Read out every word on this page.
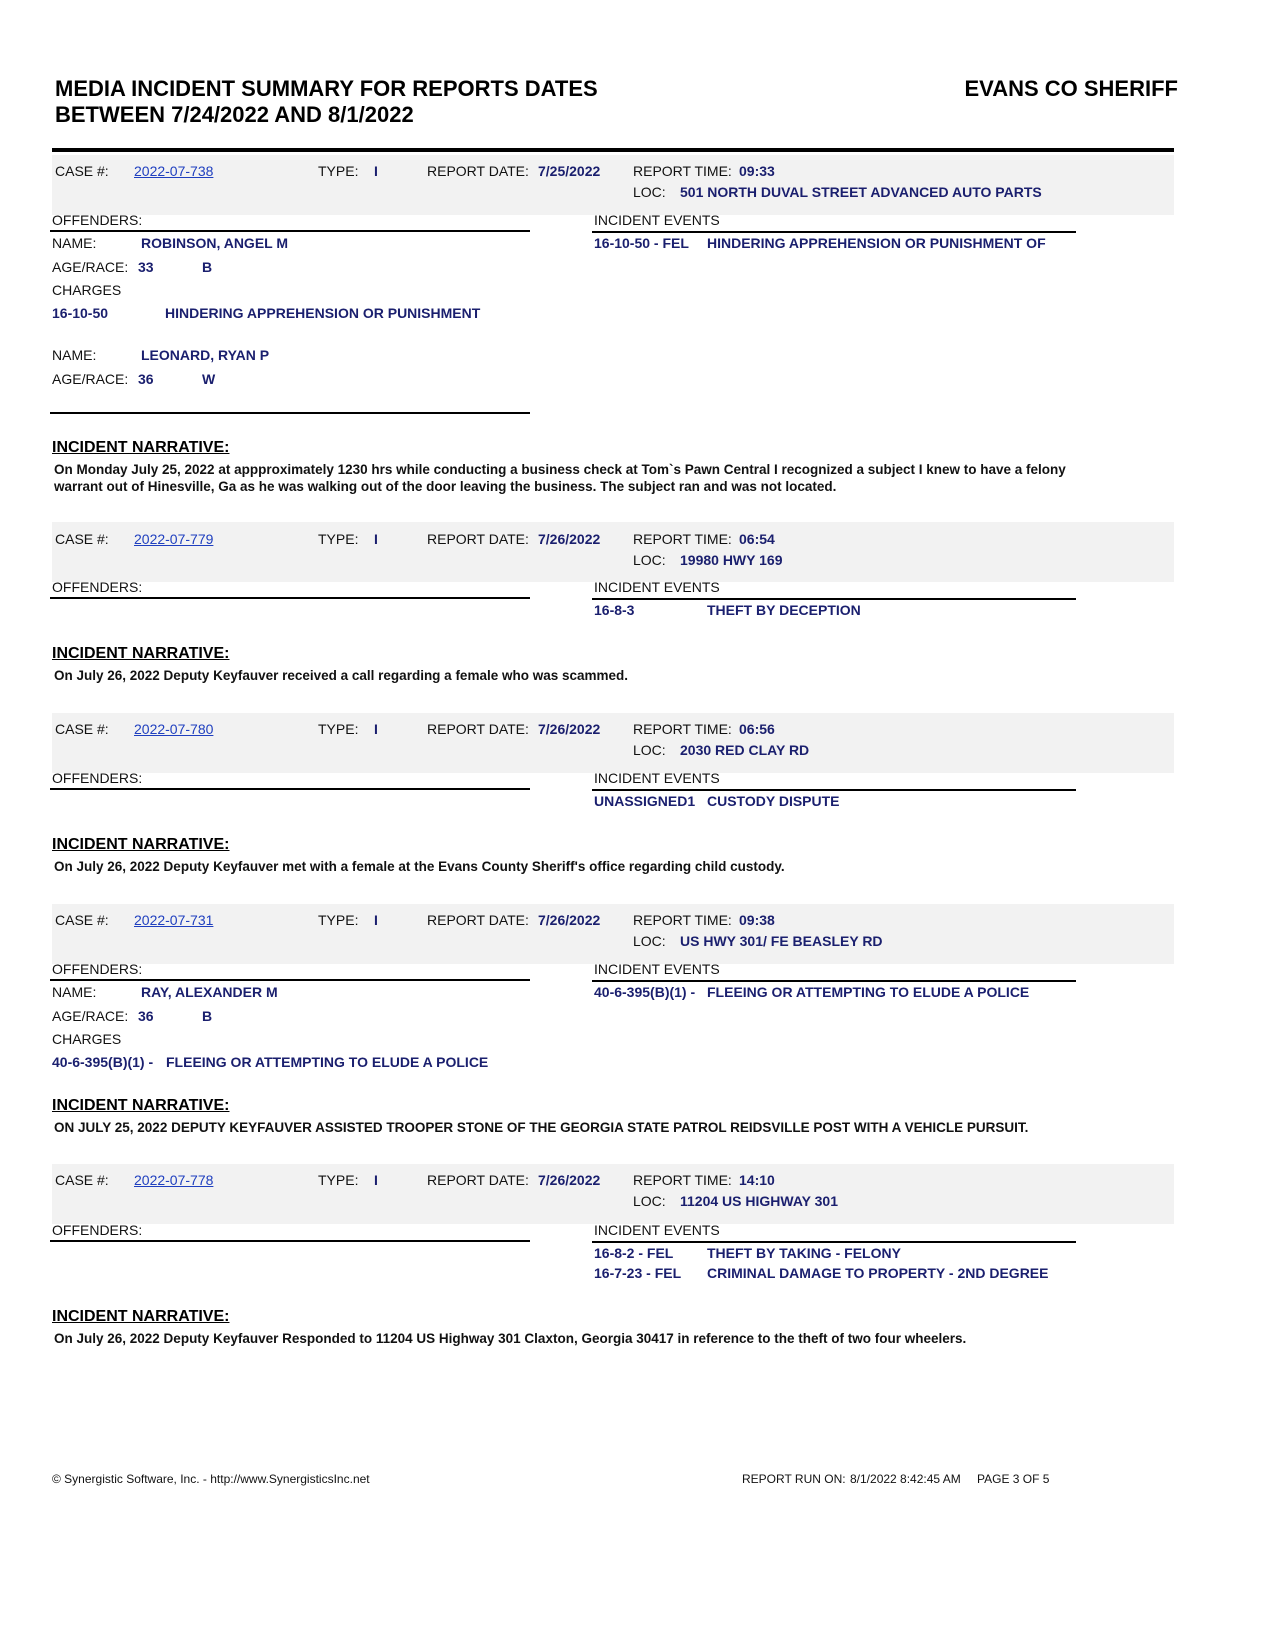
MEDIA INCIDENT SUMMARY FOR REPORTS DATES
BETWEEN 7/24/2022 AND 8/1/2022
EVANS CO SHERIFF
CASE #: 2022-07-738	TYPE: I	REPORT DATE: 7/25/2022 REPORT TIME: 09:33
LOC: 501 NORTH DUVAL STREET ADVANCED AUTO PARTS
OFFENDERS:	INCIDENT EVENTS
NAME:	ROBINSON, ANGEL M
AGE/RACE: 33	B
CHARGES
16-10-50	HINDERING APPREHENSION OR PUNISHMENT
NAME:	LEONARD, RYAN P
AGE/RACE: 36	W
16-10-50 - FEL HINDERING APPREHENSION OR PUNISHMENT OF
INCIDENT NARRATIVE:
On Monday July 25, 2022 at appproximately 1230 hrs while conducting a business check at Tom`s Pawn Central I recognized a subject I knew to have a felony warrant out of Hinesville, Ga as he was walking out of the door leaving the business. The subject ran and was not located.
CASE #: 2022-07-779	TYPE: I	REPORT DATE: 7/26/2022 REPORT TIME: 06:54
LOC: 19980 HWY 169
OFFENDERS:	INCIDENT EVENTS
16-8-3	THEFT BY DECEPTION
INCIDENT NARRATIVE:
On July 26, 2022 Deputy Keyfauver received a call regarding a female who was scammed.
CASE #: 2022-07-780	TYPE: I	REPORT DATE: 7/26/2022 REPORT TIME: 06:56
LOC: 2030 RED CLAY RD
OFFENDERS:	INCIDENT EVENTS
UNASSIGNED1 CUSTODY DISPUTE
INCIDENT NARRATIVE:
On July 26, 2022 Deputy Keyfauver met with a female at the Evans County Sheriff's office regarding child custody.
CASE #: 2022-07-731	TYPE: I	REPORT DATE: 7/26/2022 REPORT TIME: 09:38
LOC: US HWY 301/ FE BEASLEY RD
OFFENDERS:	INCIDENT EVENTS
NAME:	RAY, ALEXANDER M
AGE/RACE: 36	B
CHARGES
40-6-395(B)(1) - FLEEING OR ATTEMPTING TO ELUDE A POLICE
40-6-395(B)(1) - FLEEING OR ATTEMPTING TO ELUDE A POLICE
INCIDENT NARRATIVE:
ON JULY 25, 2022 DEPUTY KEYFAUVER ASSISTED TROOPER STONE OF THE GEORGIA STATE PATROL REIDSVILLE POST WITH A VEHICLE PURSUIT.
CASE #: 2022-07-778	TYPE: I	REPORT DATE: 7/26/2022 REPORT TIME: 14:10
LOC: 11204 US HIGHWAY 301
OFFENDERS:	INCIDENT EVENTS
16-8-2 - FEL THEFT BY TAKING - FELONY
16-7-23 - FEL CRIMINAL DAMAGE TO PROPERTY - 2ND DEGREE
INCIDENT NARRATIVE:
On July 26, 2022 Deputy Keyfauver Responded to 11204 US Highway 301 Claxton, Georgia 30417 in reference to the theft of two four wheelers.
© Synergistic Software, Inc. - http://www.SynergisticsInc.net	REPORT RUN ON: 8/1/2022 8:42:45 AM PAGE 3 OF 5
